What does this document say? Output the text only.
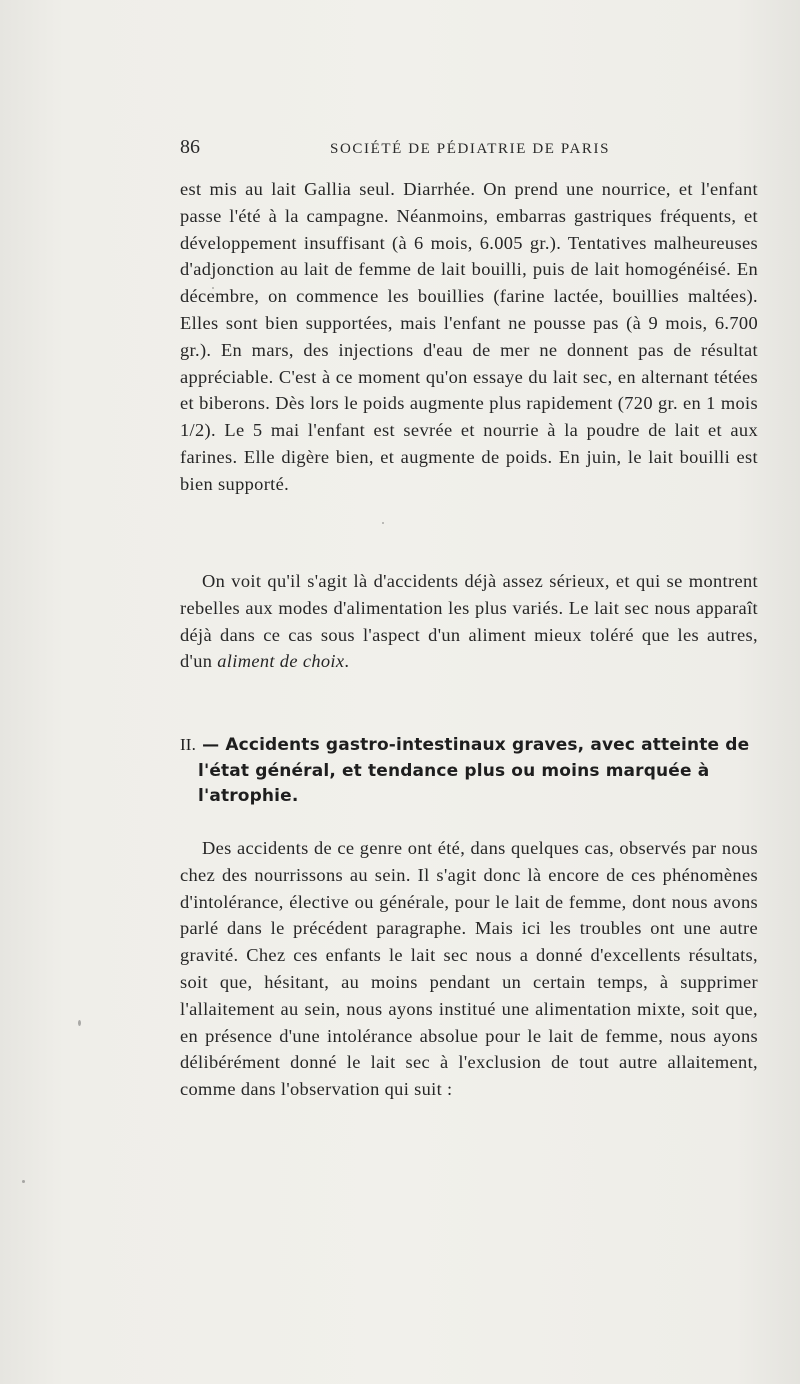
86	SOCIÉTÉ DE PÉDIATRIE DE PARIS

est mis au lait Gallia seul. Diarrhée. On prend une nourrice, et l'enfant passe l'été à la campagne. Néanmoins, embarras gastriques fréquents, et développement insuffisant (à 6 mois, 6.005 gr.). Tentatives malheureuses d'adjonction au lait de femme de lait bouilli, puis de lait homogénéisé. En décembre, on commence les bouillies (farine lactée, bouillies maltées). Elles sont bien supportées, mais l'enfant ne pousse pas (à 9 mois, 6.700 gr.). En mars, des injections d'eau de mer ne donnent pas de résultat appréciable. C'est à ce moment qu'on essaye du lait sec, en alternant tétées et biberons. Dès lors le poids augmente plus rapidement (720 gr. en 1 mois 1/2). Le 5 mai l'enfant est sevrée et nourrie à la poudre de lait et aux farines. Elle digère bien, et augmente de poids. En juin, le lait bouilli est bien supporté.

On voit qu'il s'agit là d'accidents déjà assez sérieux, et qui se montrent rebelles aux modes d'alimentation les plus variés. Le lait sec nous apparaît déjà dans ce cas sous l'aspect d'un aliment mieux toléré que les autres, d'un aliment de choix.

II. — Accidents gastro-intestinaux graves, avec atteinte de l'état général, et tendance plus ou moins marquée à l'atrophie.

Des accidents de ce genre ont été, dans quelques cas, observés par nous chez des nourrissons au sein. Il s'agit donc là encore de ces phénomènes d'intolérance, élective ou générale, pour le lait de femme, dont nous avons parlé dans le précédent paragraphe. Mais ici les troubles ont une autre gravité. Chez ces enfants le lait sec nous a donné d'excellents résultats, soit que, hésitant, au moins pendant un certain temps, à supprimer l'allaitement au sein, nous ayons institué une alimentation mixte, soit que, en présence d'une intolérance absolue pour le lait de femme, nous ayons délibérément donné le lait sec à l'exclusion de tout autre allaitement, comme dans l'observation qui suit :
